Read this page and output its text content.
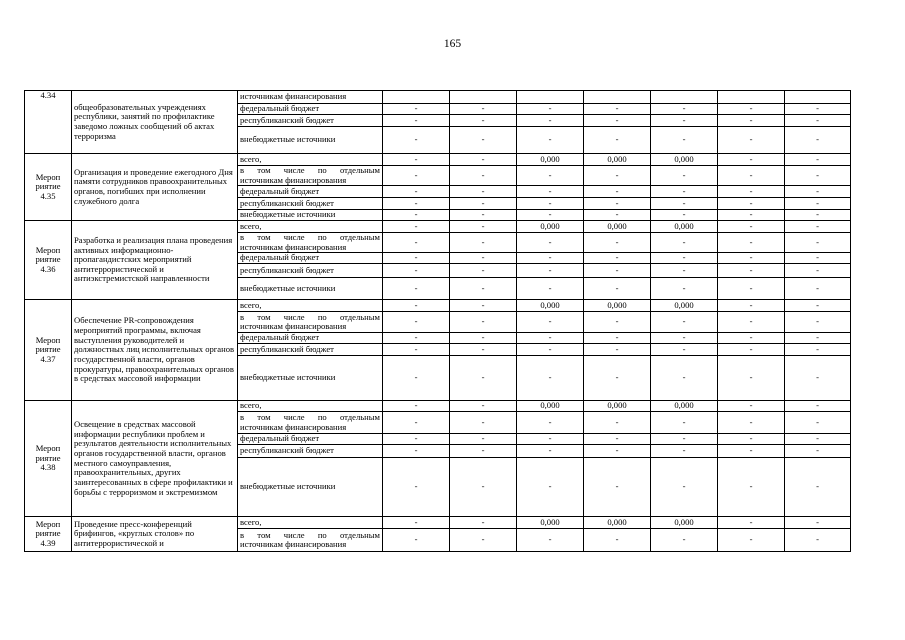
165
4.34	общеобразовательных учреждениях республики, занятий по профилактике заведомо ложных сообщений об актах терроризма	источникам финансирования							
		федеральный бюджет	-	-	-	-	-	-	-
		республиканский бюджет	-	-	-	-	-	-	-
		внебюджетные источники	-	-	-	-	-	-	-
Мероп риятие 4.35	Организация и проведение ежегодного Дня памяти сотрудников правоохранительных органов, погибших при исполнении служебного долга	всего,	-	-	0,000	0,000	0,000	-	-
		в том числе по отдельным источникам финансирования	-	-	-	-	-	-	-
		федеральный бюджет	-	-	-	-	-	-	-
		республиканский бюджет	-	-	-	-	-	-	-
		внебюджетные источники	-	-	-	-	-	-	-
Мероп риятие 4.36	Разработка и реализация плана проведения активных информационно-пропагандистских мероприятий антитеррористической и антиэкстремистской направленности	всего,	-	-	0,000	0,000	0,000	-	-
		в том числе по отдельным источникам финансирования	-	-	-	-	-	-	-
		федеральный бюджет	-	-	-	-	-	-	-
		республиканский бюджет	-	-	-	-	-	-	-
		внебюджетные источники	-	-	-	-	-	-	-
Мероп риятие 4.37	Обеспечение PR-сопровождения мероприятий программы, включая выступления руководителей и должностных лиц исполнительных органов государственной власти, органов прокуратуры, правоохранительных органов в средствах массовой информации	всего,	-	-	0,000	0,000	0,000	-	-
		в том числе по отдельным источникам финансирования	-	-	-	-	-	-	-
		федеральный бюджет	-	-	-	-	-	-	-
		республиканский бюджет	-	-	-	-	-	-	-
		внебюджетные источники	-	-	-	-	-	-	-
Мероп риятие 4.38	Освещение в средствах массовой информации республики проблем и результатов деятельности исполнительных органов государственной власти, органов местного самоуправления, правоохранительных, других заинтересованных в сфере профилактики и борьбы с терроризмом и экстремизмом	всего,	-	-	0,000	0,000	0,000	-	-
		в том числе по отдельным источникам финансирования	-	-	-	-	-	-	-
		федеральный бюджет	-	-	-	-	-	-	-
		республиканский бюджет	-	-	-	-	-	-	-
		внебюджетные источники	-	-	-	-	-	-	-
Мероп риятие 4.39	Проведение пресс-конференций брифингов, «круглых столов» по антитеррористической и	всего,	-	-	0,000	0,000	0,000	-	-
		в том числе по отдельным источникам финансирования	-	-	-	-	-	-	-
